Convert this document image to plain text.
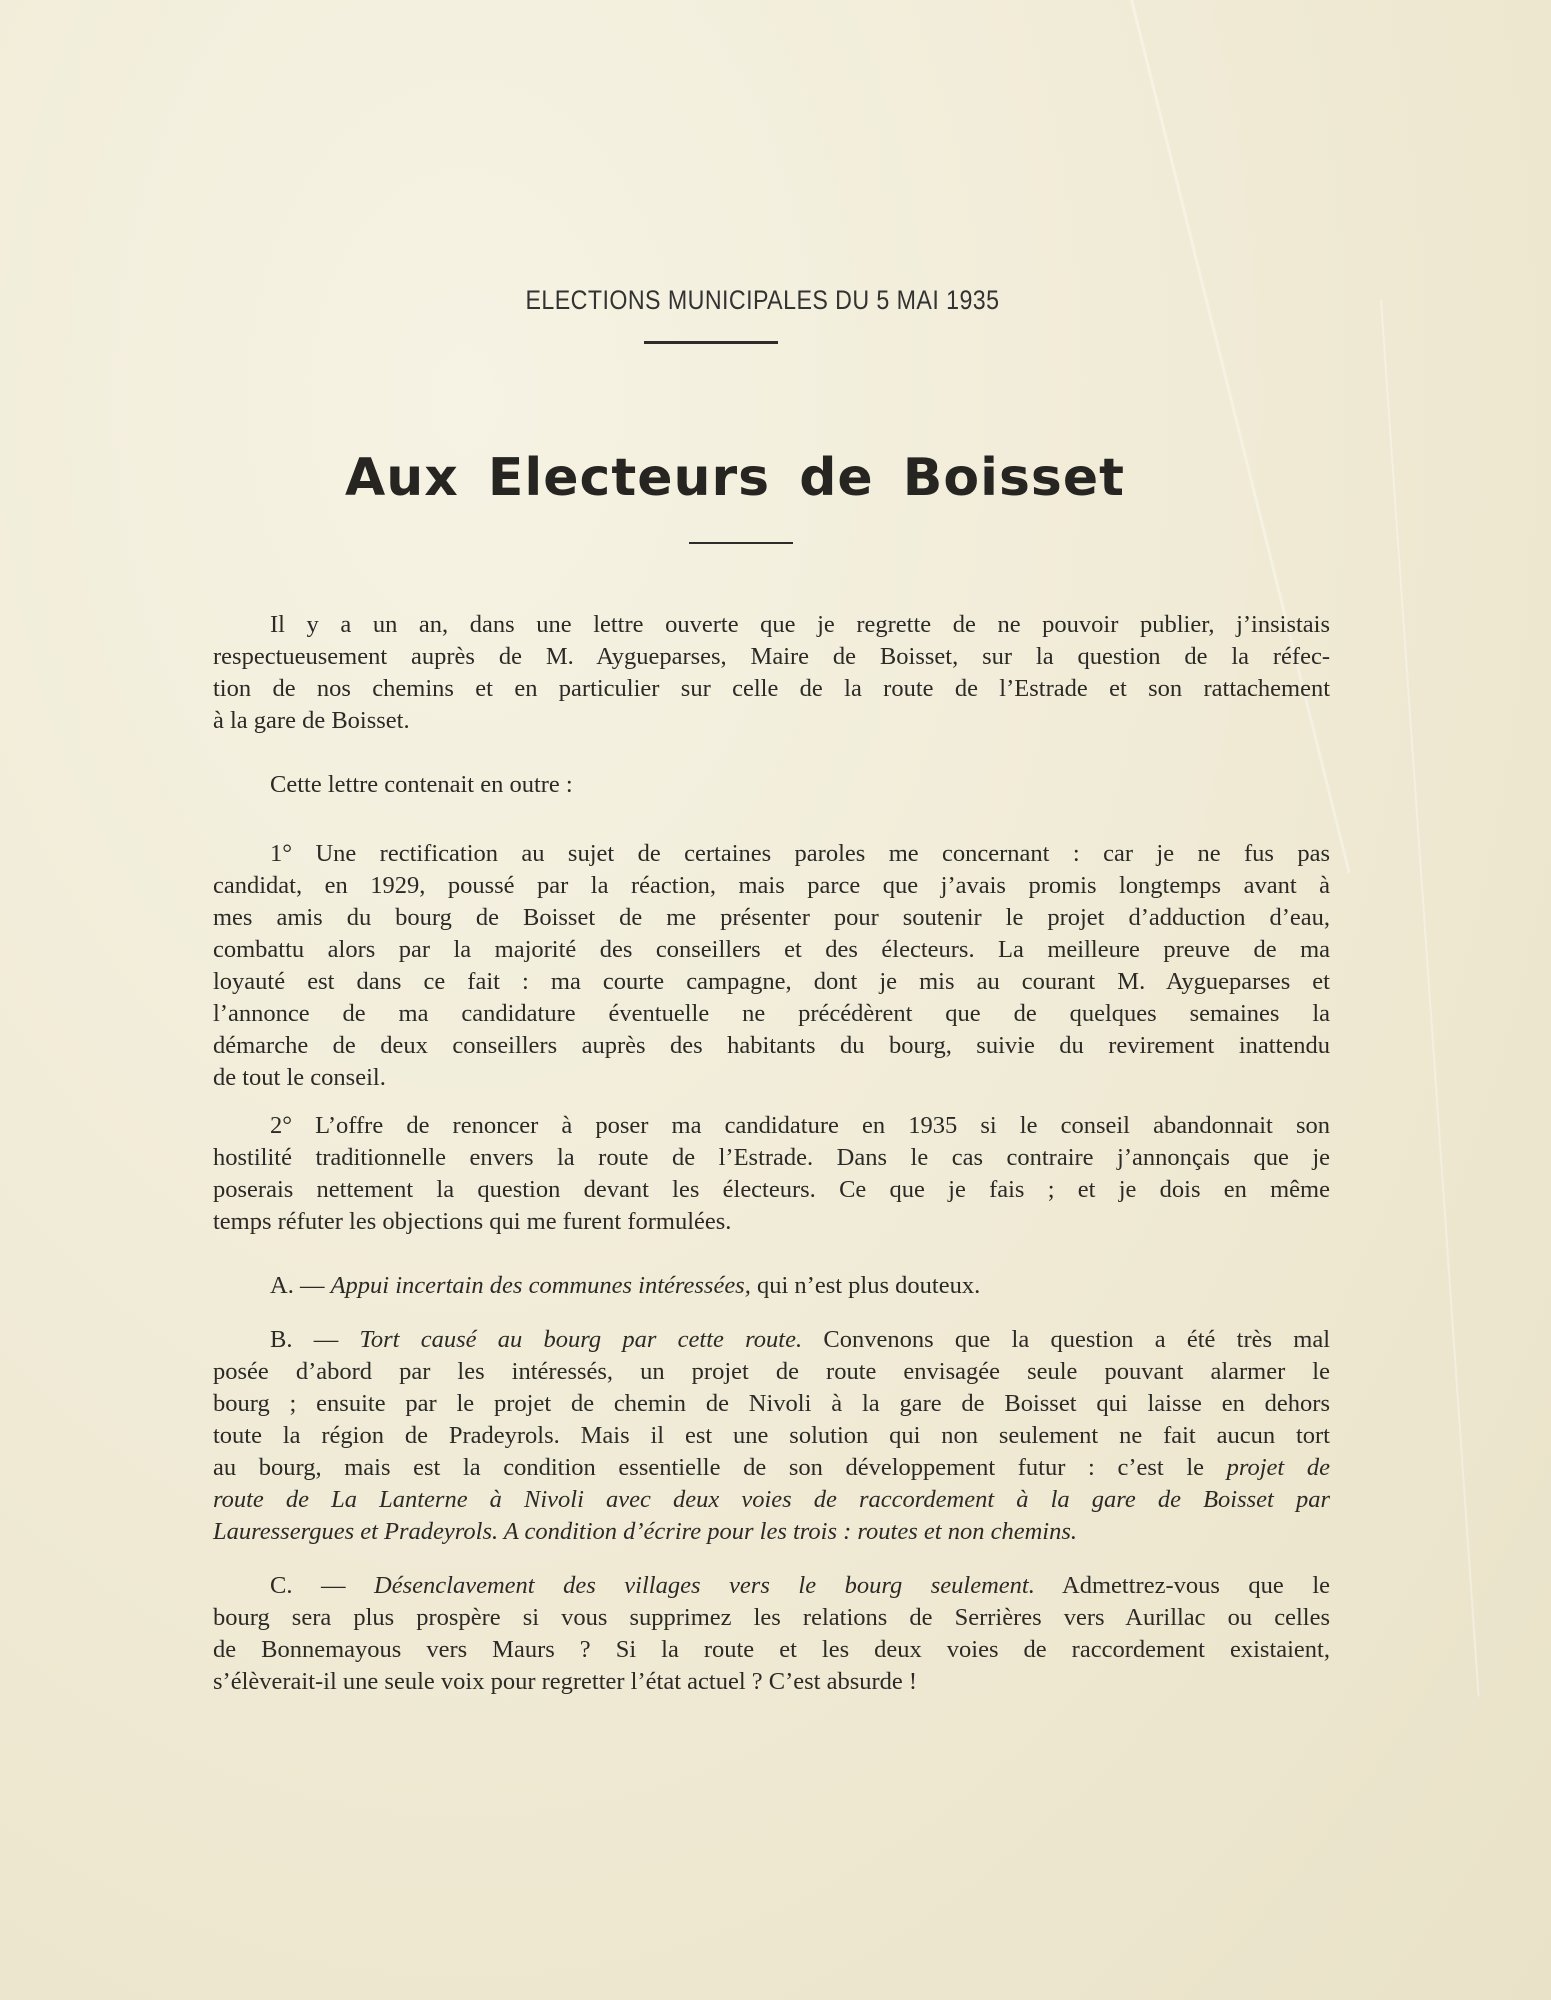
ELECTIONS MUNICIPALES DU 5 MAI 1935
Aux Electeurs de Boisset
Il y a un an, dans une lettre ouverte que je regrette de ne pouvoir publier, j’insistais
respectueusement auprès de M. Aygueparses, Maire de Boisset, sur la question de la réfec-
tion de nos chemins et en particulier sur celle de la route de l’Estrade et son rattachement
à la gare de Boisset.
Cette lettre contenait en outre :
1° Une rectification au sujet de certaines paroles me concernant : car je ne fus pas
candidat, en 1929, poussé par la réaction, mais parce que j’avais promis longtemps avant à
mes amis du bourg de Boisset de me présenter pour soutenir le projet d’adduction d’eau,
combattu alors par la majorité des conseillers et des électeurs. La meilleure preuve de ma
loyauté est dans ce fait : ma courte campagne, dont je mis au courant M. Aygueparses et
l’annonce de ma candidature éventuelle ne précédèrent que de quelques semaines la
démarche de deux conseillers auprès des habitants du bourg, suivie du revirement inattendu
de tout le conseil.
2° L’offre de renoncer à poser ma candidature en 1935 si le conseil abandonnait son
hostilité traditionnelle envers la route de l’Estrade. Dans le cas contraire j’annonçais que je
poserais nettement la question devant les électeurs. Ce que je fais ; et je dois en même
temps réfuter les objections qui me furent formulées.
A. — Appui incertain des communes intéressées, qui n’est plus douteux.
B. — Tort causé au bourg par cette route. Convenons que la question a été très mal
posée d’abord par les intéressés, un projet de route envisagée seule pouvant alarmer le
bourg ; ensuite par le projet de chemin de Nivoli à la gare de Boisset qui laisse en dehors
toute la région de Pradeyrols. Mais il est une solution qui non seulement ne fait aucun tort
au bourg, mais est la condition essentielle de son développement futur : c’est le projet de
route de La Lanterne à Nivoli avec deux voies de raccordement à la gare de Boisset par
Lauressergues et Pradeyrols. A condition d’écrire pour les trois : routes et non chemins.
C. — Désenclavement des villages vers le bourg seulement. Admettrez-vous que le
bourg sera plus prospère si vous supprimez les relations de Serrières vers Aurillac ou celles
de Bonnemayous vers Maurs ? Si la route et les deux voies de raccordement existaient,
s’élèverait-il une seule voix pour regretter l’état actuel ? C’est absurde !
